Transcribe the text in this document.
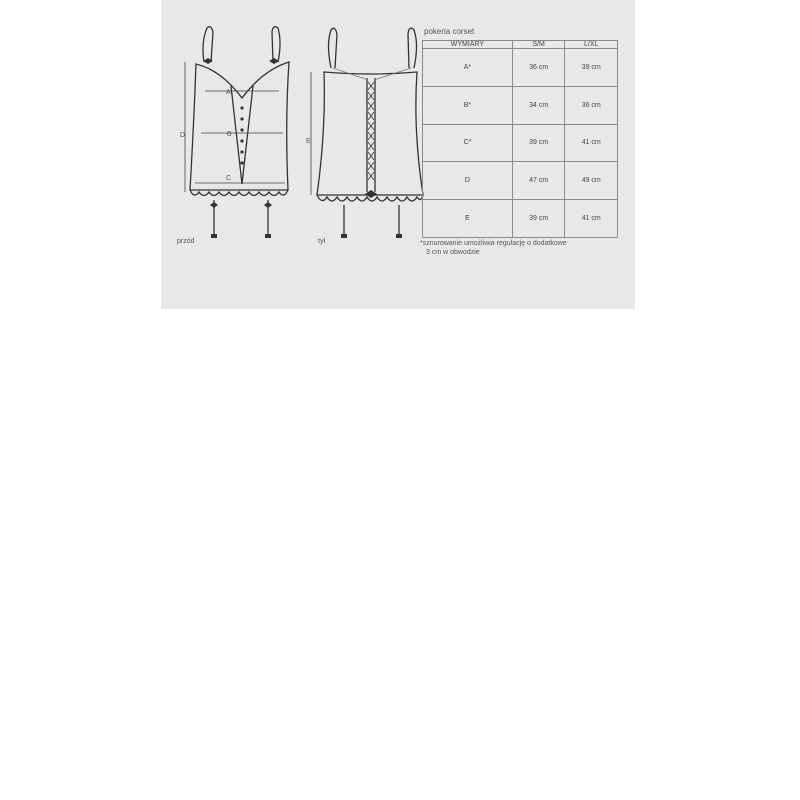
A
B
C
D
E
przód	tył
pokeria corset
WYMIARY	S/M	L/XL
A*	36 cm	39 cm
B*	34 cm	36 cm
C*	39 cm	41 cm
D	47 cm	49 cm
E	39 cm	41 cm
*sznurowanie umożliwia regulację o dodatkowe
3 cm w obwodzie
